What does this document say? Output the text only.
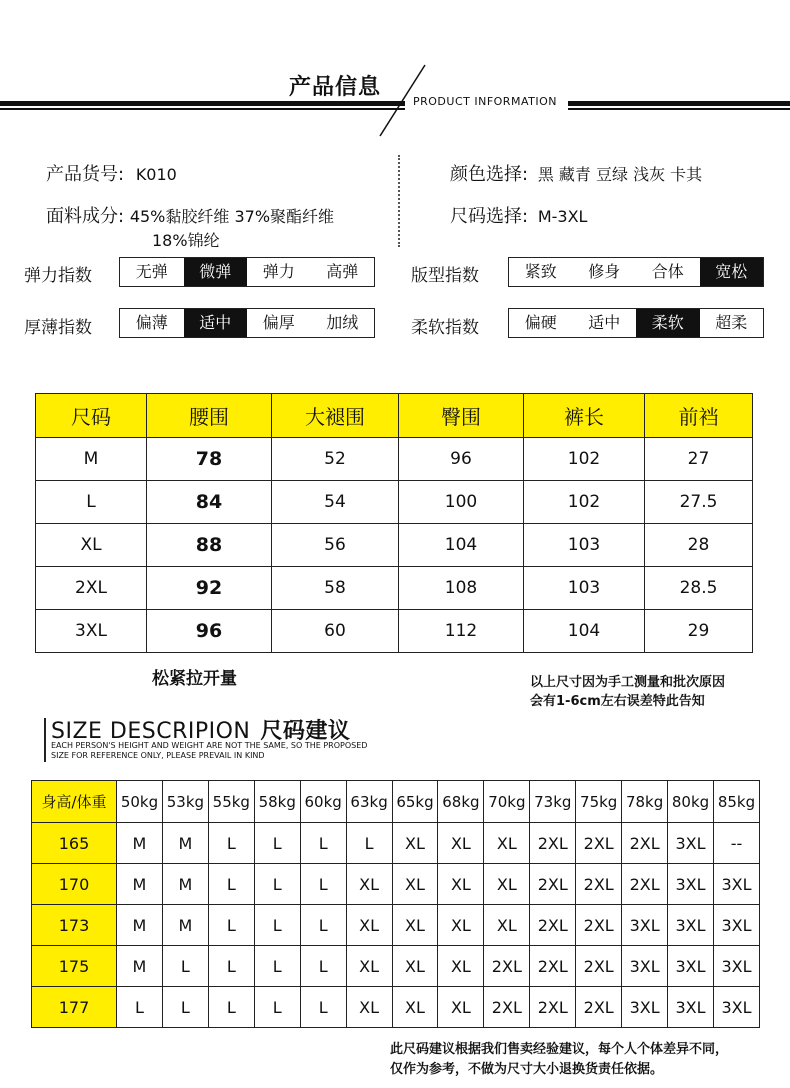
产品信息
PRODUCT INFORMATION
产品货号: K010
面料成分: 45%黏胶纤维 37%聚酯纤维
18%锦纶
颜色选择: 黑 藏青 豆绿 浅灰 卡其
尺码选择: M-3XL
弹力指数	无弹	微弹	弹力	高弹	版型指数	紧致	修身	合体	宽松
厚薄指数	偏薄	适中	偏厚	加绒	柔软指数	偏硬	适中	柔软	超柔
尺码	腰围	大褪围	臀围	裤长	前裆
M	78	52	96	102	27
L	84	54	100	102	27.5
XL	88	56	104	103	28
2XL	92	58	108	103	28.5
3XL	96	60	112	104	29
松紧拉开量	以上尺寸因为手工测量和批次原因
会有1-6cm左右误差特此告知
SIZE DESCRIPION 尺码建议
EACH PERSON'S HEIGHT AND WEIGHT ARE NOT THE SAME, SO THE PROPOSED
SIZE FOR REFERENCE ONLY, PLEASE PREVAIL IN KIND
身高/体重	50kg	53kg	55kg	58kg	60kg	63kg	65kg	68kg	70kg	73kg	75kg	78kg	80kg	85kg
165	M	M	L	L	L	L	XL	XL	XL	2XL	2XL	2XL	3XL	--
170	M	M	L	L	L	XL	XL	XL	XL	2XL	2XL	2XL	3XL	3XL
173	M	M	L	L	L	XL	XL	XL	XL	2XL	2XL	3XL	3XL	3XL
175	M	L	L	L	L	XL	XL	XL	2XL	2XL	2XL	3XL	3XL	3XL
177	L	L	L	L	L	XL	XL	XL	2XL	2XL	2XL	3XL	3XL	3XL
此尺码建议根据我们售卖经验建议，每个人个体差异不同，
仅作为参考，不做为尺寸大小退换货责任依据。
